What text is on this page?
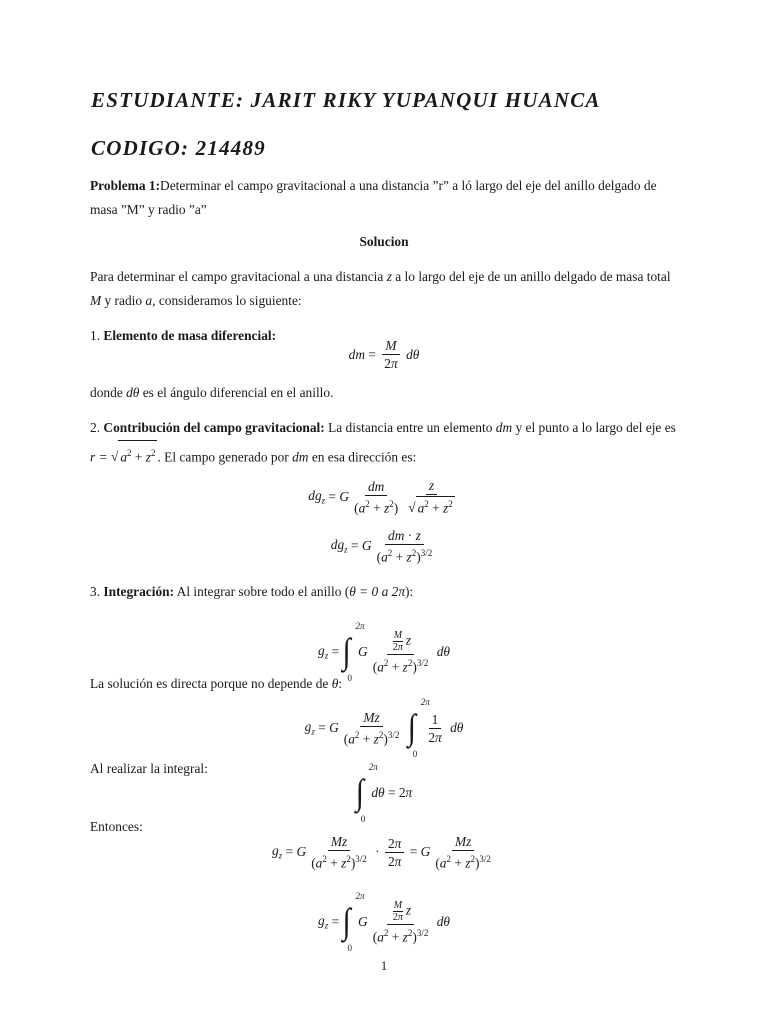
ESTUDIANTE: JARIT RIKY YUPANQUI HUANCA
CODIGO: 214489
Problema 1:Determinar el campo gravitacional a una distancia ”r” a ló largo del eje del anillo delgado de masa ”M” y radio ”a”
Solucion
Para determinar el campo gravitacional a una distancia z a lo largo del eje de un anillo delgado de masa total M y radio a, consideramos lo siguiente:
1. Elemento de masa diferencial:
dm = $\frac{M}{2\pi}$
dθ
donde dθ es el ángulo diferencial en el anillo.
2. Contribución del campo gravitacional: La distancia entre un elemento dm y el punto a lo largo del eje es r = √ $a^2 + z^2$ . El campo generado por dm en esa dirección es:
$dg_z = G \frac{dm}{(a^2 + z^2)} \frac{z}{√ a^2 + z^2}$
$dg_z = G \frac{dm \cdot z}{(a^2 + z^2)^{3/2}}$
3. Integración: Al integrar sobre todo el anillo (θ = 0 a 2π):
$g_z$ = ∫
2π
0

G $\frac{\frac{M}{2\pi} z}{(a^2 + z^2)^{3/2}}$
dθ
La solución es directa porque no depende de θ:
$g_z = G \frac{Mz}{(a^2 + z^2)^{3/2}}$
∫
2π
0

$\frac{1}{2\pi}$
dθ
Al realizar la integral:
∫
2π
0

dθ = 2 π
Entonces:
$g_z = G \frac{Mz}{(a^2 + z^2)^{3/2}} \cdot \frac{2\pi}{2\pi} = G \frac{Mz}{(a^2 + z^2)^{3/2}}$
$g_z$ = ∫
2π
0

G $\frac{\frac{M}{2\pi} z}{(a^2 + z^2)^{3/2}}$
dθ
1
